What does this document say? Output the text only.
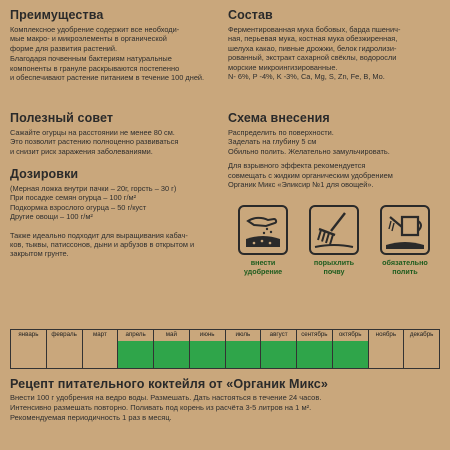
Преимущества

Комплексное удобрение содержит все необходи-

мые макро- и микроэлементы в органической

форме для развития растений.

Благодаря почвенным бактериям натуральные

компоненты в грануле раскрываются постепенно

и обеспечивают растение питанием в течение 100 дней.

Полезный совет

Сажайте огурцы на расстоянии не менее 80 см.

Это позволит растению полноценно развиваться

и снизит риск заражения заболеваниями.

Дозировки

(Мерная ложка внутри пачки – 20г, горсть – 30 г)

При посадке семян огурца – 100 г/м²

Подкормка взрослого огурца – 50 г/куст

Другие овощи – 100 г/м²

Также идеально подходит для выращивания кабач-

ков, тыквы, патиссонов, дыни и арбузов в открытом и

закрытом грунте.

Состав

Ферментированная мука бобовых, барда пшенич-

ная, перьевая мука, костная мука обезжиренная,

шелуха какао, пивные дрожжи, белок гидролизи-

рованный, экстракт сахарной свёклы, водоросли

морские микроингизированные.

N- 6%, P -4%, K -3%, Ca, Mg, S, Zn, Fe, B, Mo.

Схема внесения

Распределить по поверхности.

Заделать на глубину 5 см

Обильно полить. Желательно замульчировать.

Для взрывного эффекта рекомендуется

совмещать с жидким органическим удобрением

Органик Микс «Эликсир №1 для овощей».

внести
удобрение
порыхлить
почву
обязательно
полить
январь	февраль	март	апрель	май	июнь	июль	август	сентябрь	октябрь	ноябрь	декабрь
Рецепт питательного коктейля от «Органик Микс»

Внести 100 г удобрения на ведро воды. Размешать. Дать настояться в течение 24 часов.

Интенсивно размешать повторно. Поливать под корень из расчёта 3-5 литров на 1 м².

Рекомендуемая периодичность 1 раз в месяц.
